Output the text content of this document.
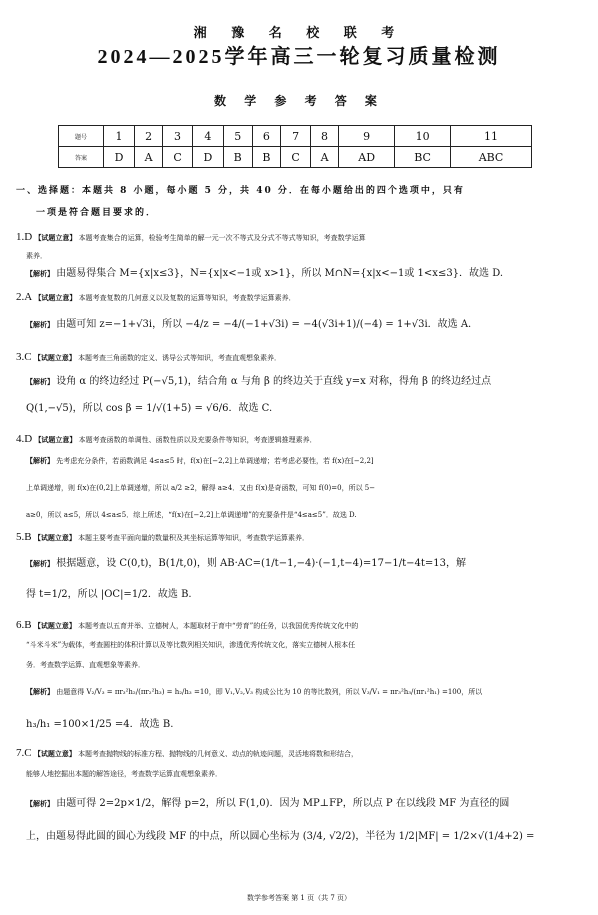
湘 豫 名 校 联 考
2024—2025学年高三一轮复习质量检测
数 学 参 考 答 案
题号	1	2	3	4	5	6	7	8	9	10	11
答案	D	A	C	D	B	B	C	A	AD	BC	ABC
一、选择题：本题共 8 小题，每小题 5 分，共 40 分．在每小题给出的四个选项中，只有
一项是符合题目要求的．
1.D 【试题立意】 本题考查集合的运算，检验考生简单的解一元一次不等式及分式不等式等知识，考查数学运算
素养．
【解析】 由题易得集合 M={x|x≤3}，N={x|x<−1或 x>1}，所以 M∩N={x|x<−1或 1<x≤3}．故选 D.
2.A 【试题立意】 本题考查复数的几何意义以及复数的运算等知识，考查数学运算素养．
【解析】 由题可知 z=−1+√3i，所以 −4/z = −4/(−1+√3i) = −4(√3i+1)/(−4) = 1+√3i．故选 A.
3.C 【试题立意】 本题考查三角函数的定义、诱导公式等知识，考查直观想象素养．
【解析】 设角 α 的终边经过 P(−√5,1)，结合角 α 与角 β 的终边关于直线 y=x 对称，得角 β 的终边经过点
Q(1,−√5)，所以 cos β = 1/√(1+5) = √6/6．故选 C.
4.D 【试题立意】 本题考查函数的单调性、函数性质以及充要条件等知识，考查逻辑推理素养．
【解析】 先考虑充分条件，若函数满足 4≤a≤5 时，f(x)在[−2,2]上单调递增；若考虑必要性，若 f(x)在[−2,2]
上单调递增，则 f(x)在(0,2]上单调递增，所以 a/2 ≥2，解得 a≥4．又由 f(x)是奇函数，可知 f(0)=0，所以 5−
a≥0，所以 a≤5，所以 4≤a≤5．综上所述，“f(x)在[−2,2]上单调递增”的充要条件是“4≤a≤5”．故选 D.
5.B 【试题立意】 本题主要考查平面向量的数量积及其坐标运算等知识，考查数学运算素养．
【解析】 根据题意，设 C(0,t)，B(1/t,0)，则 AB·AC=(1/t−1,−4)·(−1,t−4)=17−1/t−4t=13，解
得 t=1/2，所以 |OC|=1/2．故选 B.
6.B 【试题立意】 本题考查以五育并举、立德树人，本题取材于育中“劳育”的任务，以我国优秀传统文化中的
“斗米斗米”为载体，考查圆柱的体积计算以及等比数列相关知识，渗透优秀传统文化，落实立德树人根本任
务．考查数学运算、直观想象等素养．
【解析】 由题意得 V₂/V₃ = πr₃²h₂/(πr₂²h₃) = h₂/h₃ =10，即 V₁,V₂,V₃ 构成公比为 10 的等比数列，所以 V₃/V₁ = πr₃²h₃/(πr₁²h₁) =100，所以
h₃/h₁ =100×1/25 =4．故选 B.
7.C 【试题立意】 本题考查抛物线的标准方程、抛物线的几何意义、动点的轨迹问题，灵活地将数和形结合，
能够人地挖掘出本题的解答途径，考查数学运算直观想象素养．
【解析】 由题可得 2=2p×1/2，解得 p=2，所以 F(1,0)．因为 MP⊥FP，所以点 P 在以线段 MF 为直径的圆
上，由题易得此圆的圆心为线段 MF 的中点，所以圆心坐标为 (3/4, √2/2)，半径为 1/2|MF| = 1/2×√(1/4+2) =
数学参考答案 第 1 页（共 7 页）
